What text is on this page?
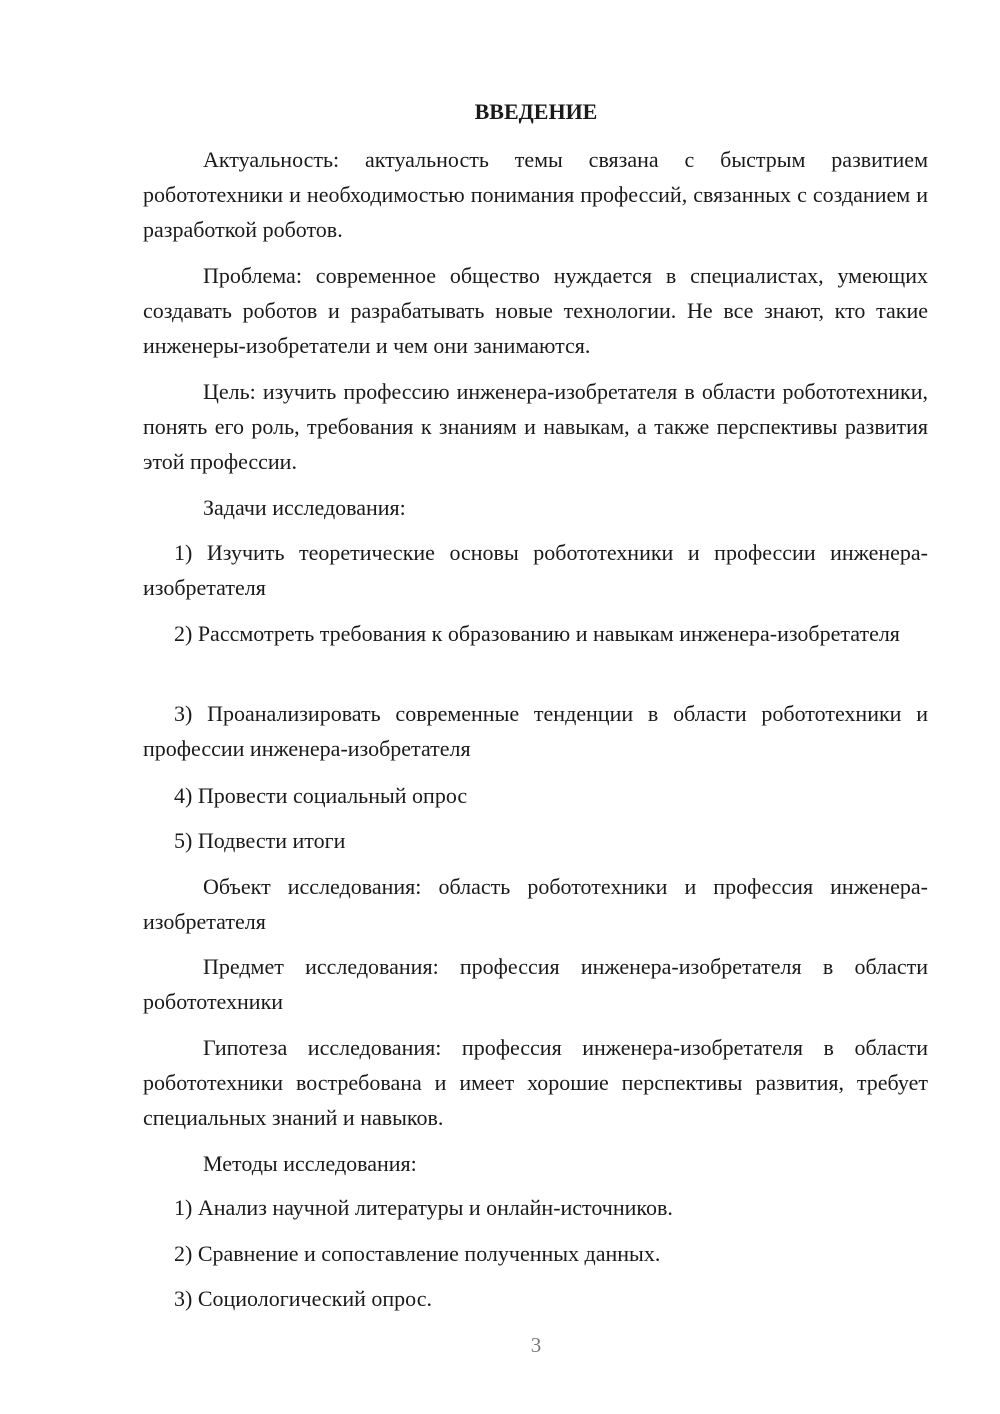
ВВЕДЕНИЕ

Актуальность: актуальность темы связана с быстрым развитием робототехники и необходимостью понимания профессий, связанных с созданием и разработкой роботов.

Проблема: современное общество нуждается в специалистах, умеющих создавать роботов и разрабатывать новые технологии. Не все знают, кто такие инженеры-изобретатели и чем они занимаются.

Цель: изучить профессию инженера-изобретателя в области робототехники, понять его роль, требования к знаниям и навыкам, а также перспективы развития этой профессии.

Задачи исследования:

1) Изучить теоретические основы робототехники и профессии инженера-изобретателя

2) Рассмотреть требования к образованию и навыкам инженера-изобретателя

3) Проанализировать современные тенденции в области робототехники и профессии инженера-изобретателя

4) Провести социальный опрос

5) Подвести итоги

Объект исследования: область робототехники и профессия инженера-изобретателя

Предмет исследования: профессия инженера-изобретателя в области робототехники

Гипотеза исследования: профессия инженера-изобретателя в области робототехники востребована и имеет хорошие перспективы развития, требует специальных знаний и навыков.

Методы исследования:

1) Анализ научной литературы и онлайн-источников.

2) Сравнение и сопоставление полученных данных.

3) Социологический опрос.

3
